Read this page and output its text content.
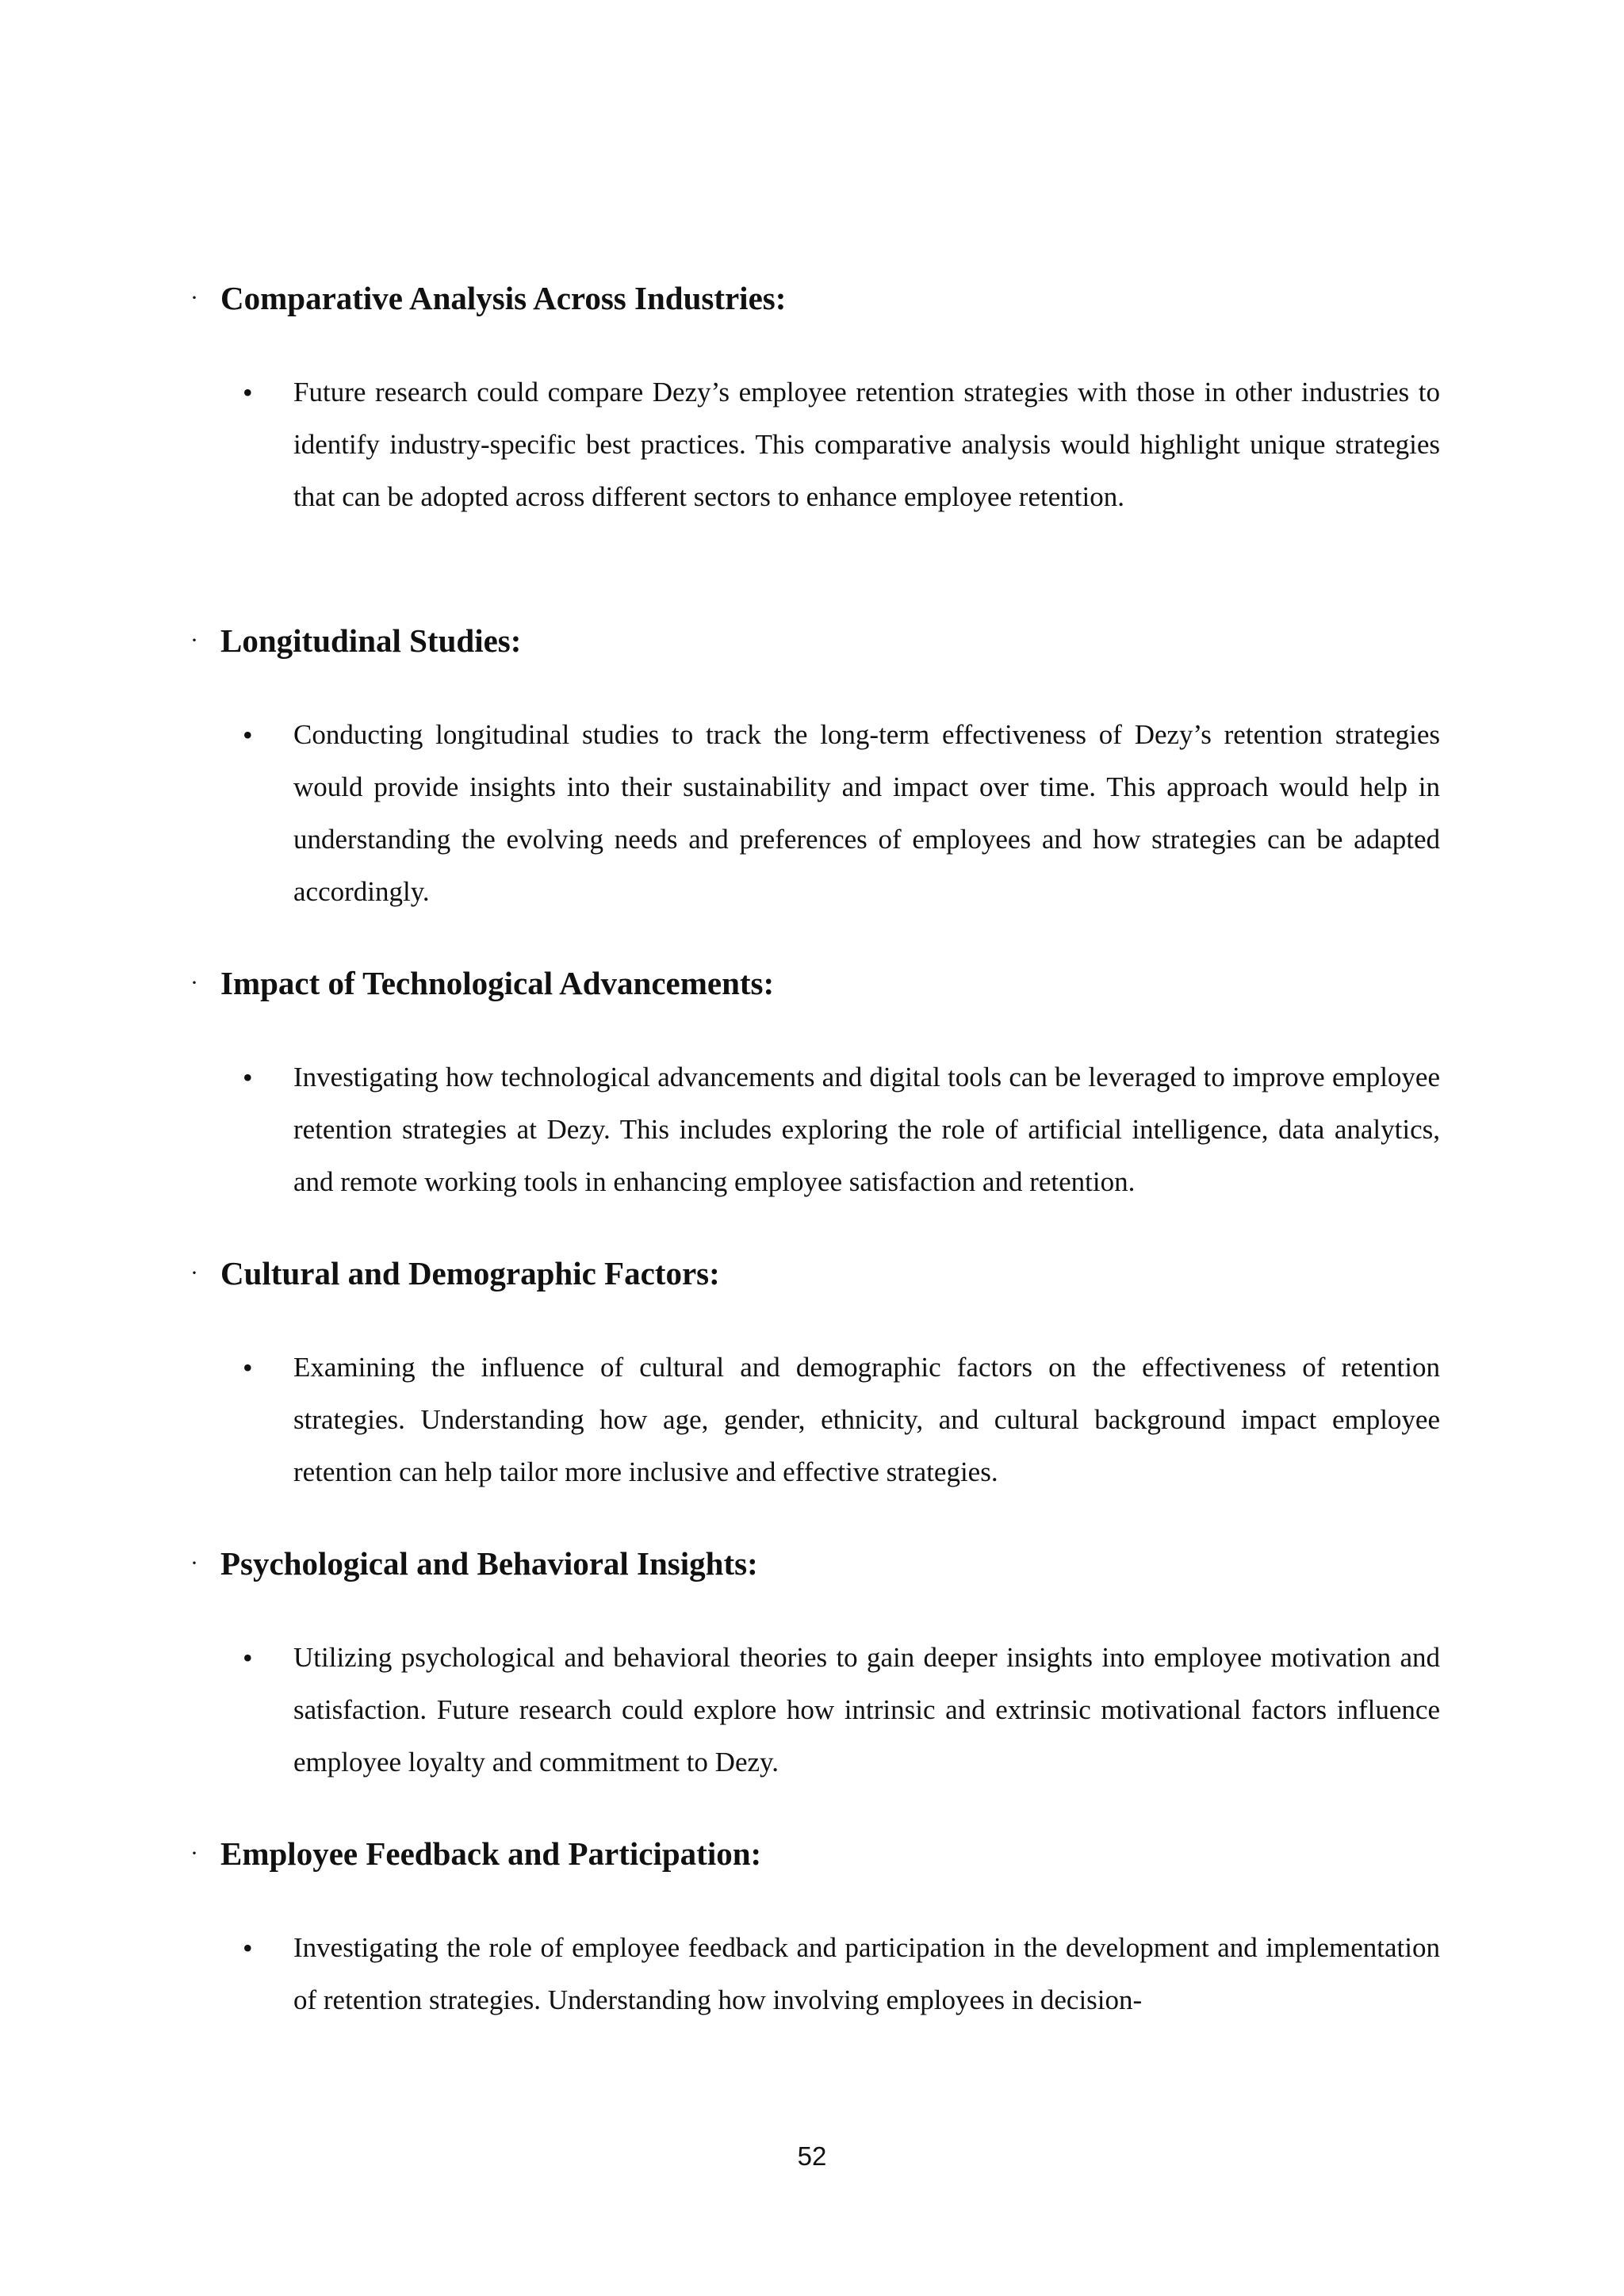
· Comparative Analysis Across Industries:
• Future research could compare Dezy’s employee retention strategies with those in other industries to identify industry-specific best practices. This comparative analysis would highlight unique strategies that can be adopted across different sectors to enhance employee retention.

· Longitudinal Studies:
• Conducting longitudinal studies to track the long-term effectiveness of Dezy’s retention strategies would provide insights into their sustainability and impact over time. This approach would help in understanding the evolving needs and preferences of employees and how strategies can be adapted accordingly.

· Impact of Technological Advancements:
• Investigating how technological advancements and digital tools can be leveraged to improve employee retention strategies at Dezy. This includes exploring the role of artificial intelligence, data analytics, and remote working tools in enhancing employee satisfaction and retention.

· Cultural and Demographic Factors:
• Examining the influence of cultural and demographic factors on the effectiveness of retention strategies. Understanding how age, gender, ethnicity, and cultural background impact employee retention can help tailor more inclusive and effective strategies.

· Psychological and Behavioral Insights:
• Utilizing psychological and behavioral theories to gain deeper insights into employee motivation and satisfaction. Future research could explore how intrinsic and extrinsic motivational factors influence employee loyalty and commitment to Dezy.

· Employee Feedback and Participation:
• Investigating the role of employee feedback and participation in the development and implementation of retention strategies. Understanding how involving employees in decision-

52
